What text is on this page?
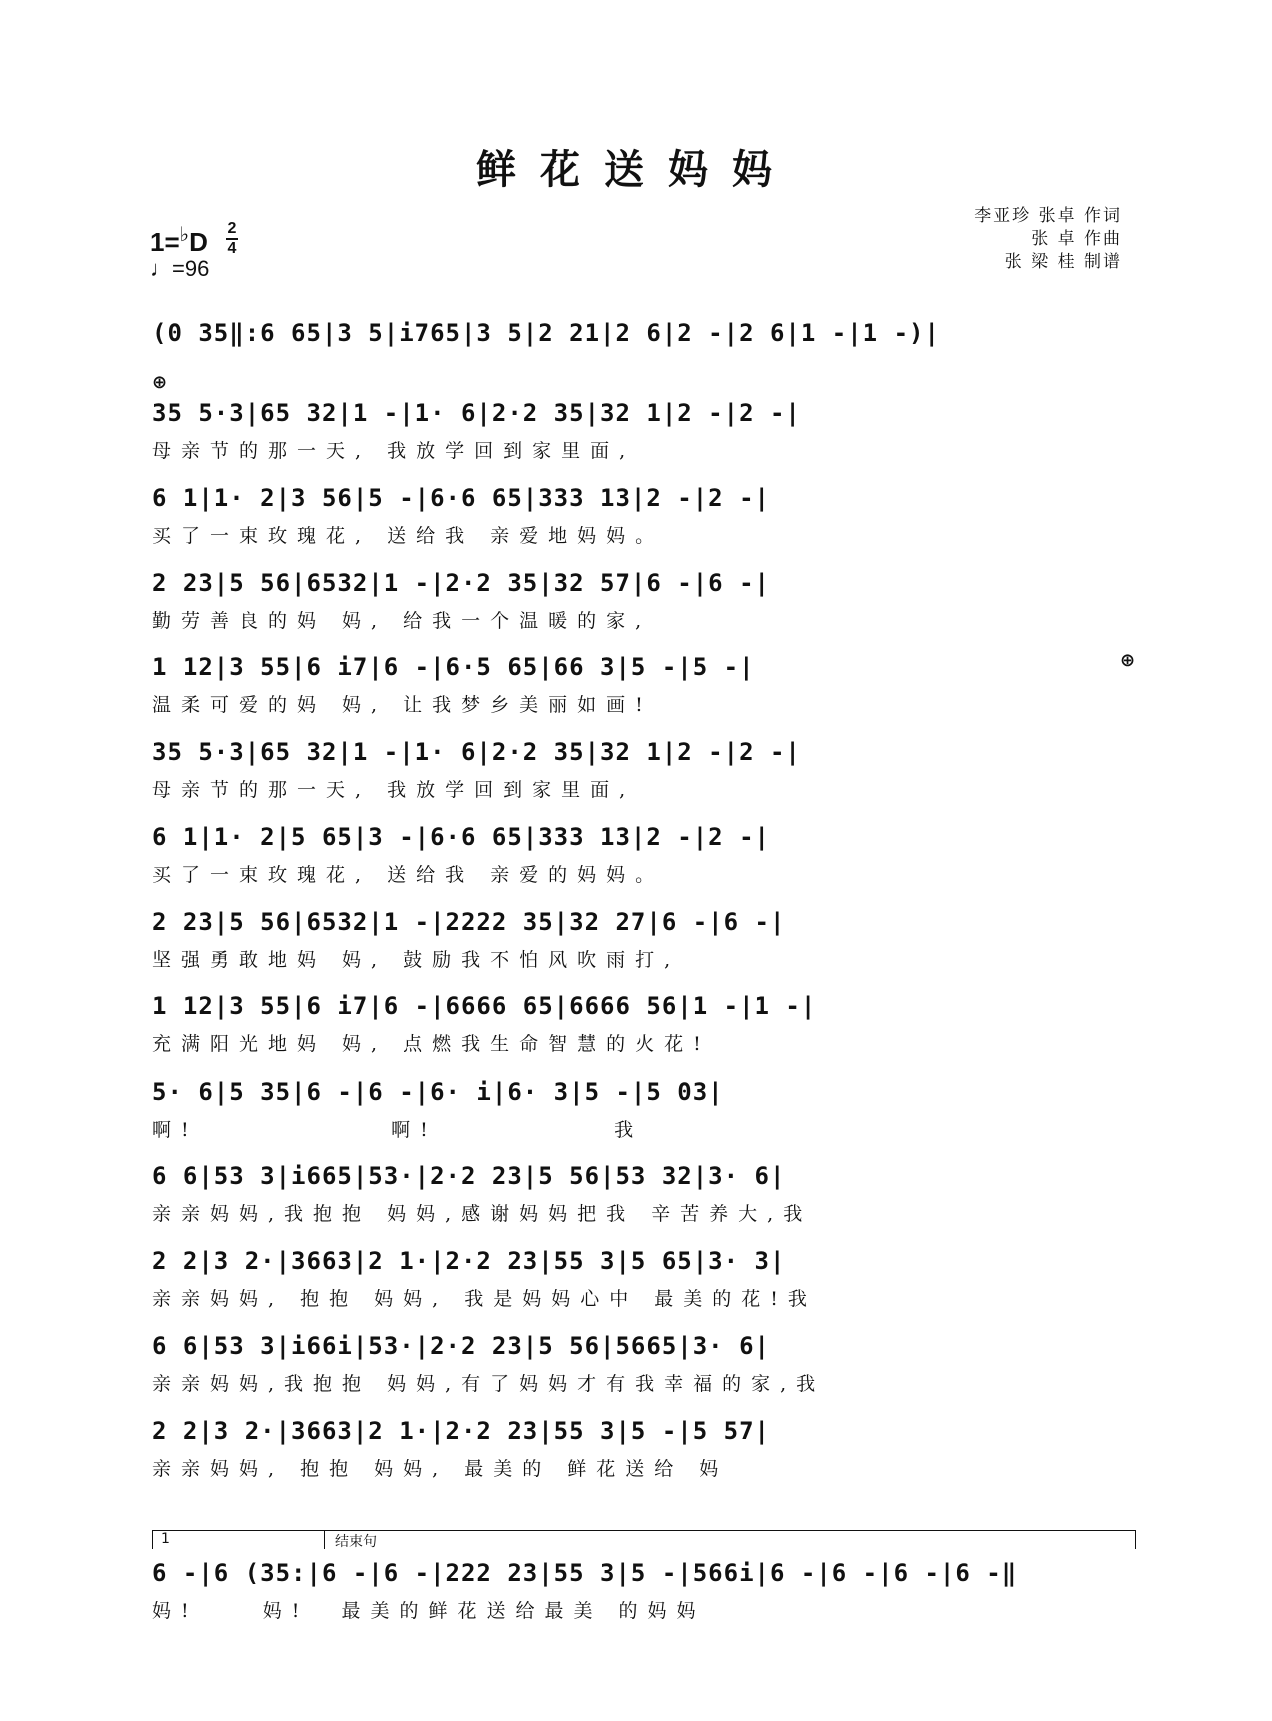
鲜花送妈妈
李亚珍 张卓 作词
张 卓 作曲
张 梁 桂 制谱
1=♭D 2
4
♩=96
⊕
⊕
(0 35‖:6 65|3 5|i765|3 5|2 21|2 6|2 -|2 6|1 -|1 -)|
35 5·3|65 32|1 -|1· 6|2·2 35|32 1|2 -|2 -|
母亲节的那一天, 我放学回到家里面,
6 1|1· 2|3 56|5 -|6·6 65|333 13|2 -|2 -|
买了一束玫瑰花, 送给我 亲爱地妈妈。
2 23|5 56|6532|1 -|2·2 35|32 57|6 -|6 -|
勤劳善良的妈 妈, 给我一个温暖的家,
1 12|3 55|6 i7|6 -|6·5 65|66 3|5 -|5 -|
温柔可爱的妈 妈, 让我梦乡美丽如画!
35 5·3|65 32|1 -|1· 6|2·2 35|32 1|2 -|2 -|
母亲节的那一天, 我放学回到家里面,
6 1|1· 2|5 65|3 -|6·6 65|333 13|2 -|2 -|
买了一束玫瑰花, 送给我 亲爱的妈妈。
2 23|5 56|6532|1 -|2222 35|32 27|6 -|6 -|
坚强勇敢地妈 妈, 鼓励我不怕风吹雨打,
1 12|3 55|6 i7|6 -|6666 65|6666 56|1 -|1 -|
充满阳光地妈 妈, 点燃我生命智慧的火花!
5· 6|5 35|6 -|6 -|6· i|6· 3|5 -|5 03|
啊!            啊!           我
6 6|53 3|i665|53·|2·2 23|5 56|53 32|3· 6|
亲亲妈妈,我抱抱 妈妈,感谢妈妈把我 辛苦养大,我
2 2|3 2·|3663|2 1·|2·2 23|55 3|5 65|3· 3|
亲亲妈妈, 抱抱 妈妈, 我是妈妈心中 最美的花!我
6 6|53 3|i66i|53·|2·2 23|5 56|5665|3· 6|
亲亲妈妈,我抱抱 妈妈,有了妈妈才有我幸福的家,我
2 2|3 2·|3663|2 1·|2·2 23|55 3|5 -|5 57|
亲亲妈妈, 抱抱 妈妈, 最美的 鲜花送给 妈
1	结束句
6 -|6 (35:|6 -|6 -|222 23|55 3|5 -|566i|6 -|6 -|6 -|6 -‖
妈!    妈!  最美的鲜花送给最美 的妈妈
